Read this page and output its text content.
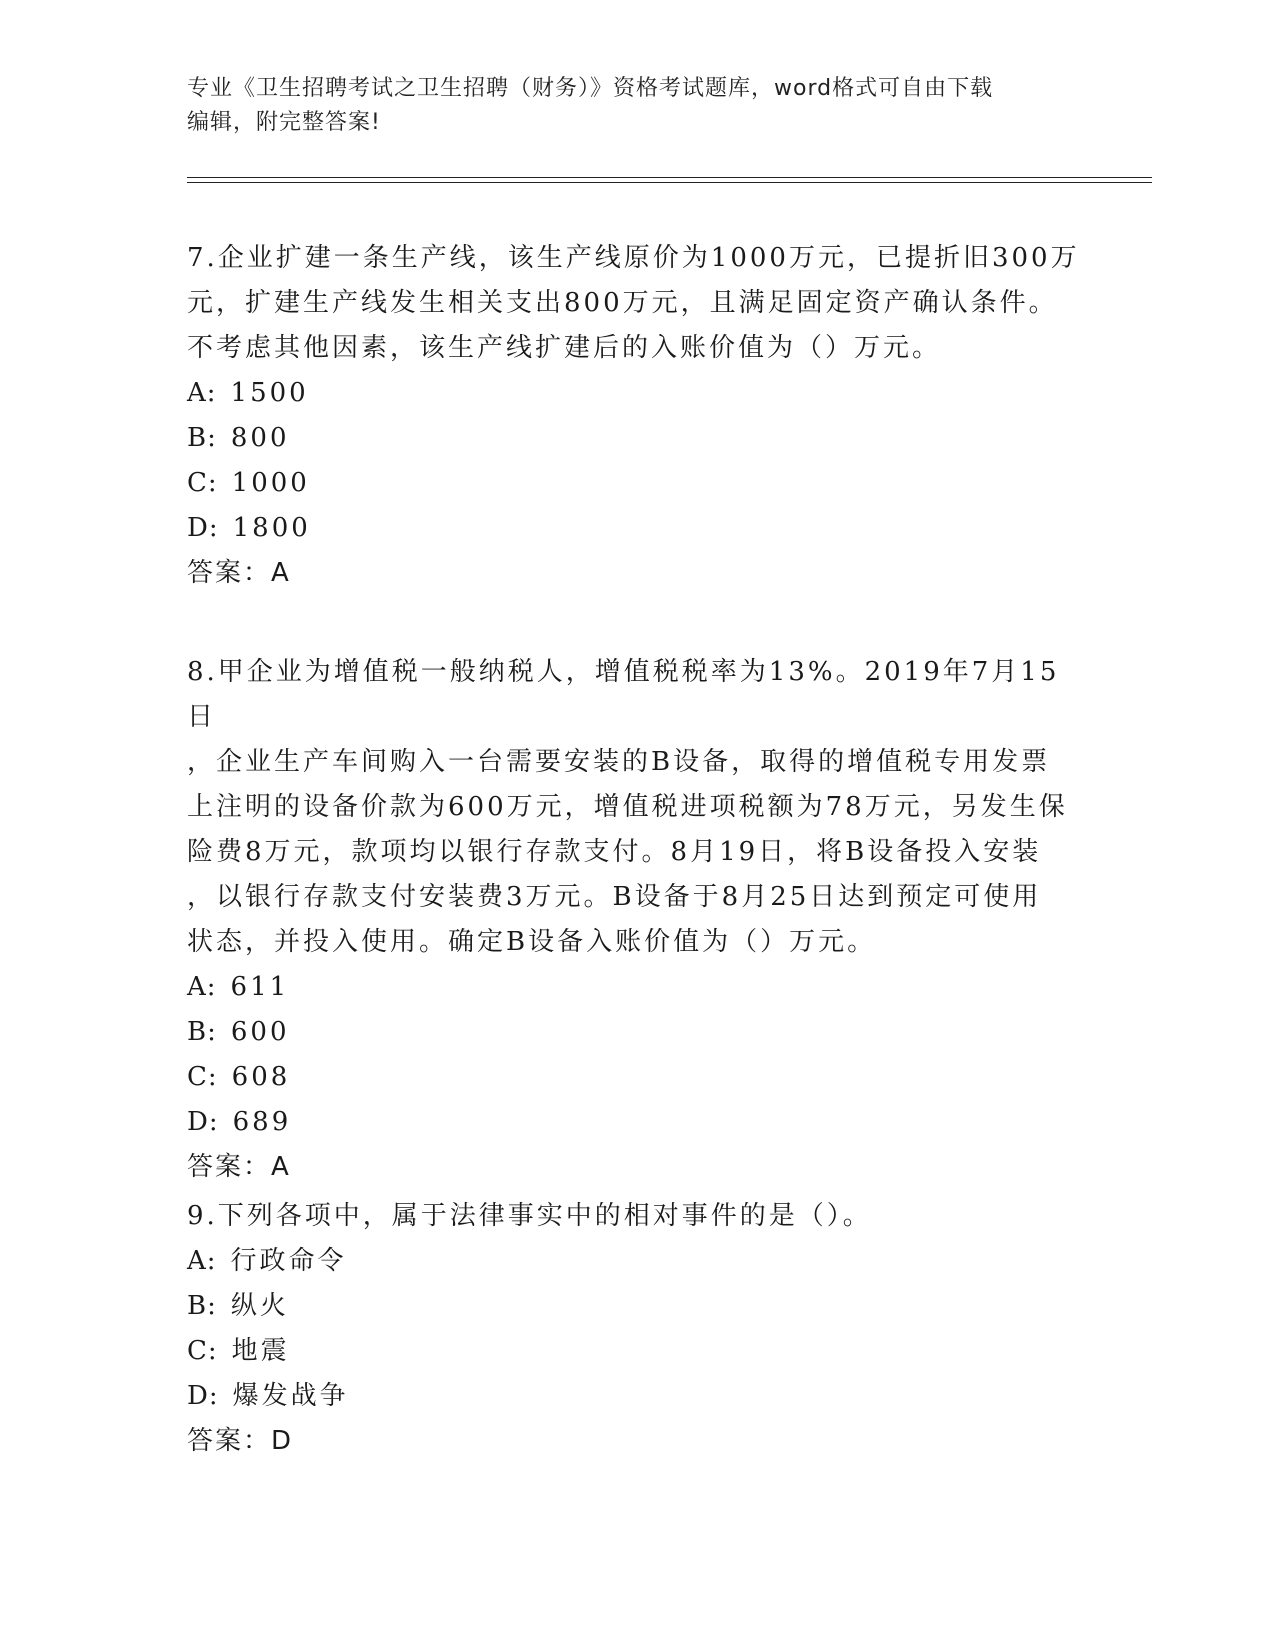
专业《卫生招聘考试之卫生招聘（财务）》资格考试题库，word格式可自由下载
编辑，附完整答案!

7.企业扩建一条生产线，该生产线原价为1000万元，已提折旧300万

元，扩建生产线发生相关支出800万元，且满足固定资产确认条件。

不考虑其他因素，该生产线扩建后的入账价值为（）万元。

A: 1500

B: 800

C: 1000

D: 1800

答案：A

8.甲企业为增值税一般纳税人，增值税税率为13%。2019年7月15日

，企业生产车间购入一台需要安装的B设备，取得的增值税专用发票

上注明的设备价款为600万元，增值税进项税额为78万元，另发生保

险费8万元，款项均以银行存款支付。8月19日，将B设备投入安装

，以银行存款支付安装费3万元。B设备于8月25日达到预定可使用

状态，并投入使用。确定B设备入账价值为（）万元。

A: 611

B: 600

C: 608

D: 689

答案：A

9.下列各项中，属于法律事实中的相对事件的是（）。

A: 行政命令

B: 纵火

C: 地震

D: 爆发战争

答案：D
